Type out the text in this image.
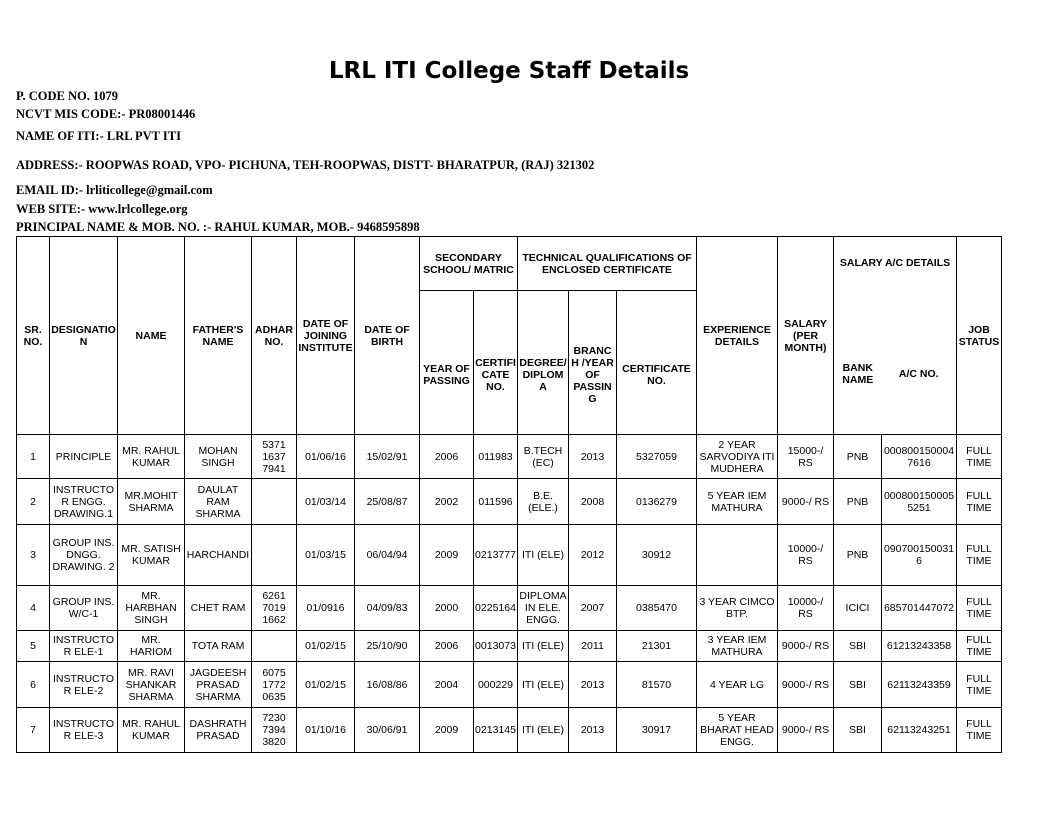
LRL ITI College Staff Details
P. CODE NO. 1079
NCVT MIS CODE:- PR08001446
NAME OF ITI:- LRL PVT ITI
ADDRESS:- ROOPWAS ROAD, VPO- PICHUNA, TEH-ROOPWAS, DISTT- BHARATPUR, (RAJ) 321302
EMAIL ID:- lrliticollege@gmail.com
WEB SITE:- www.lrlcollege.org
PRINCIPAL NAME & MOB. NO. :- RAHUL KUMAR, MOB.- 9468595898
SR. NO.	DESIGNATION	NAME	FATHER'S NAME	ADHAR NO.	DATE OF JOINING INSTITUTE	DATE OF BIRTH	SECONDARY SCHOOL/ MATRIC		TECHNICAL QUALIFICATIONS OF ENCLOSED CERTIFICATE			EXPERIENCE DETAILS	SALARY (PER MONTH)	SALARY A/C DETAILS		JOB STATUS
							YEAR OF PASSING	CERTIFICATE NO.	DEGREE/ DIPLOMA	BRANCH /YEAR OF PASSING	CERTIFICATE NO.			BANK NAME	A/C NO.	
1	PRINCIPLE	MR. RAHUL KUMAR	MOHAN SINGH	5371 1637 7941	01/06/16	15/02/91	2006	011983	B.TECH (EC)	2013	5327059	2 YEAR SARVODIYA ITI MUDHERA	15000-/ RS	PNB	0008001500047616	FULL TIME
2	INSTRUCTOR ENGG. DRAWING.1	MR.MOHIT SHARMA	DAULAT RAM SHARMA		01/03/14	25/08/87	2002	011596	B.E. (ELE.)	2008	0136279	5 YEAR IEM MATHURA	9000-/ RS	PNB	0008001500055251	FULL TIME
3	GROUP INS. DNGG. DRAWING. 2	MR. SATISH KUMAR	HARCHANDI		01/03/15	06/04/94	2009	0213777	ITI (ELE)	2012	30912		10000-/ RS	PNB	0907001500316	FULL TIME
4	GROUP INS. W/C-1	MR. HARBHAN SINGH	CHET RAM	6261 7019 1662	01/0916	04/09/83	2000	0225164	DIPLOMA IN ELE. ENGG.	2007	0385470	3 YEAR CIMCO BTP.	10000-/ RS	ICICI	685701447072	FULL TIME
5	INSTRUCTOR ELE-1	MR. HARIOM	TOTA RAM		01/02/15	25/10/90	2006	0013073	ITI (ELE)	2011	21301	3 YEAR IEM MATHURA	9000-/ RS	SBI	61213243358	FULL TIME
6	INSTRUCTOR ELE-2	MR. RAVI SHANKAR SHARMA	JAGDEESH PRASAD SHARMA	6075 1772 0635	01/02/15	16/08/86	2004	000229	ITI (ELE)	2013	81570	4 YEAR LG	9000-/ RS	SBI	62113243359	FULL TIME
7	INSTRUCTOR ELE-3	MR. RAHUL KUMAR	DASHRATH PRASAD	7230 7394 3820	01/10/16	30/06/91	2009	0213145	ITI (ELE)	2013	30917	5 YEAR BHARAT HEAD ENGG.	9000-/ RS	SBI	62113243251	FULL TIME
